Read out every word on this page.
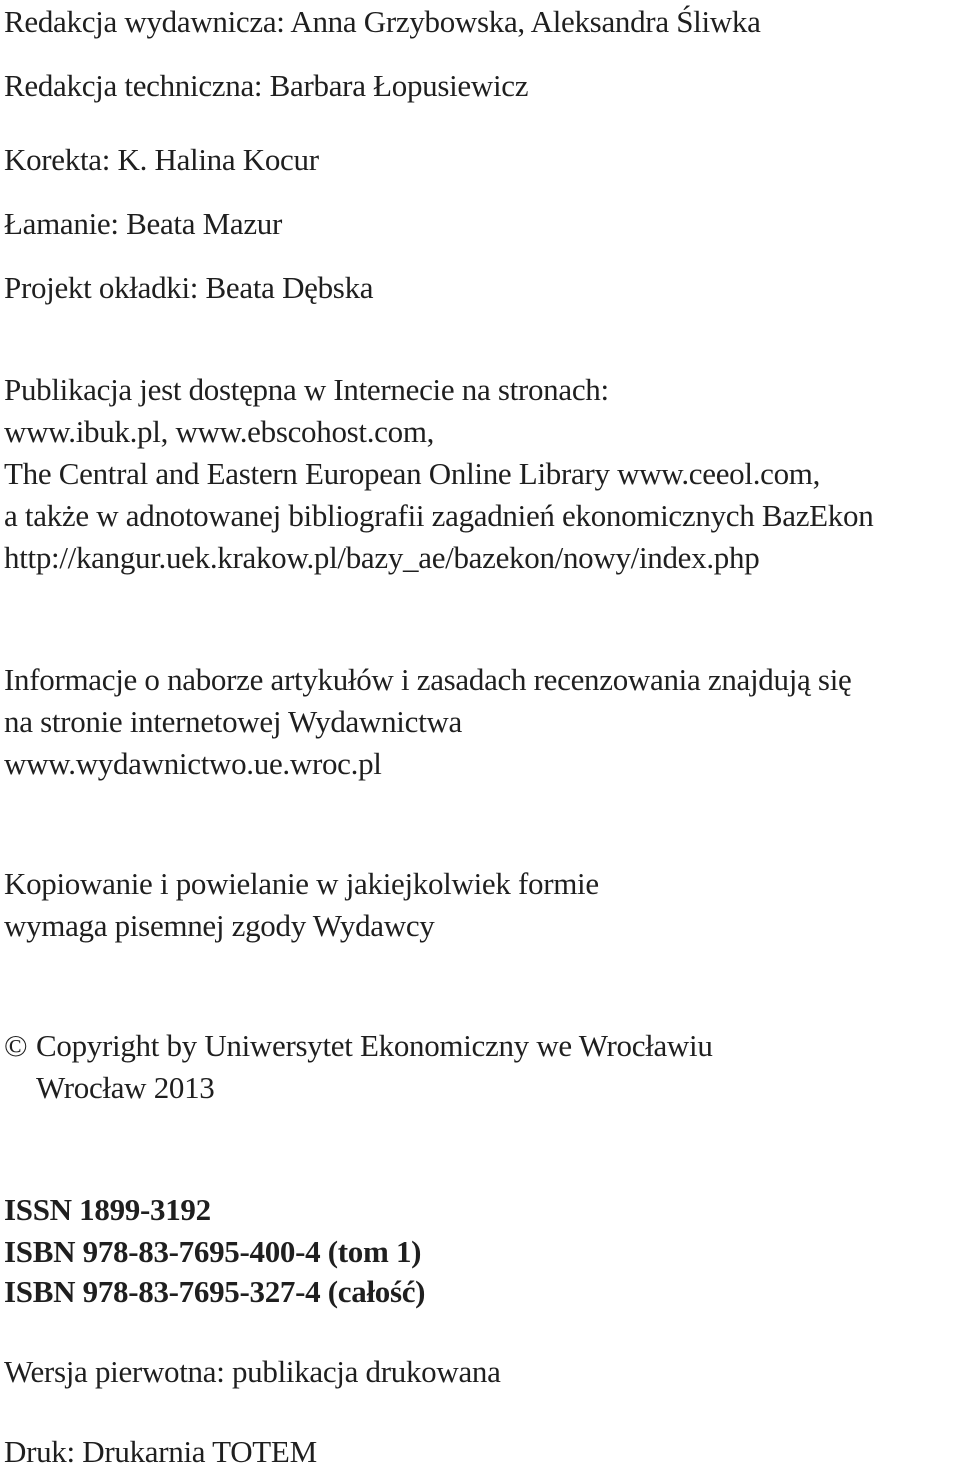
Redakcja wydawnicza: Anna Grzybowska, Aleksandra Śliwka
Redakcja techniczna: Barbara Łopusiewicz
Korekta: K. Halina Kocur
Łamanie: Beata Mazur
Projekt okładki: Beata Dębska
Publikacja jest dostępna w Internecie na stronach:
www.ibuk.pl, www.ebscohost.com,
The Central and Eastern European Online Library www.ceeol.com,
a także w adnotowanej bibliografii zagadnień ekonomicznych BazEkon
http://kangur.uek.krakow.pl/bazy_ae/bazekon/nowy/index.php
Informacje o naborze artykułów i zasadach recenzowania znajdują się
na stronie internetowej Wydawnictwa
www.wydawnictwo.ue.wroc.pl
Kopiowanie i powielanie w jakiejkolwiek formie
wymaga pisemnej zgody Wydawcy
© Copyright by Uniwersytet Ekonomiczny we Wrocławiu
Wrocław 2013
ISSN 1899-3192
ISBN 978-83-7695-400-4 (tom 1)
ISBN 978-83-7695-327-4 (całość)
Wersja pierwotna: publikacja drukowana
Druk: Drukarnia TOTEM
